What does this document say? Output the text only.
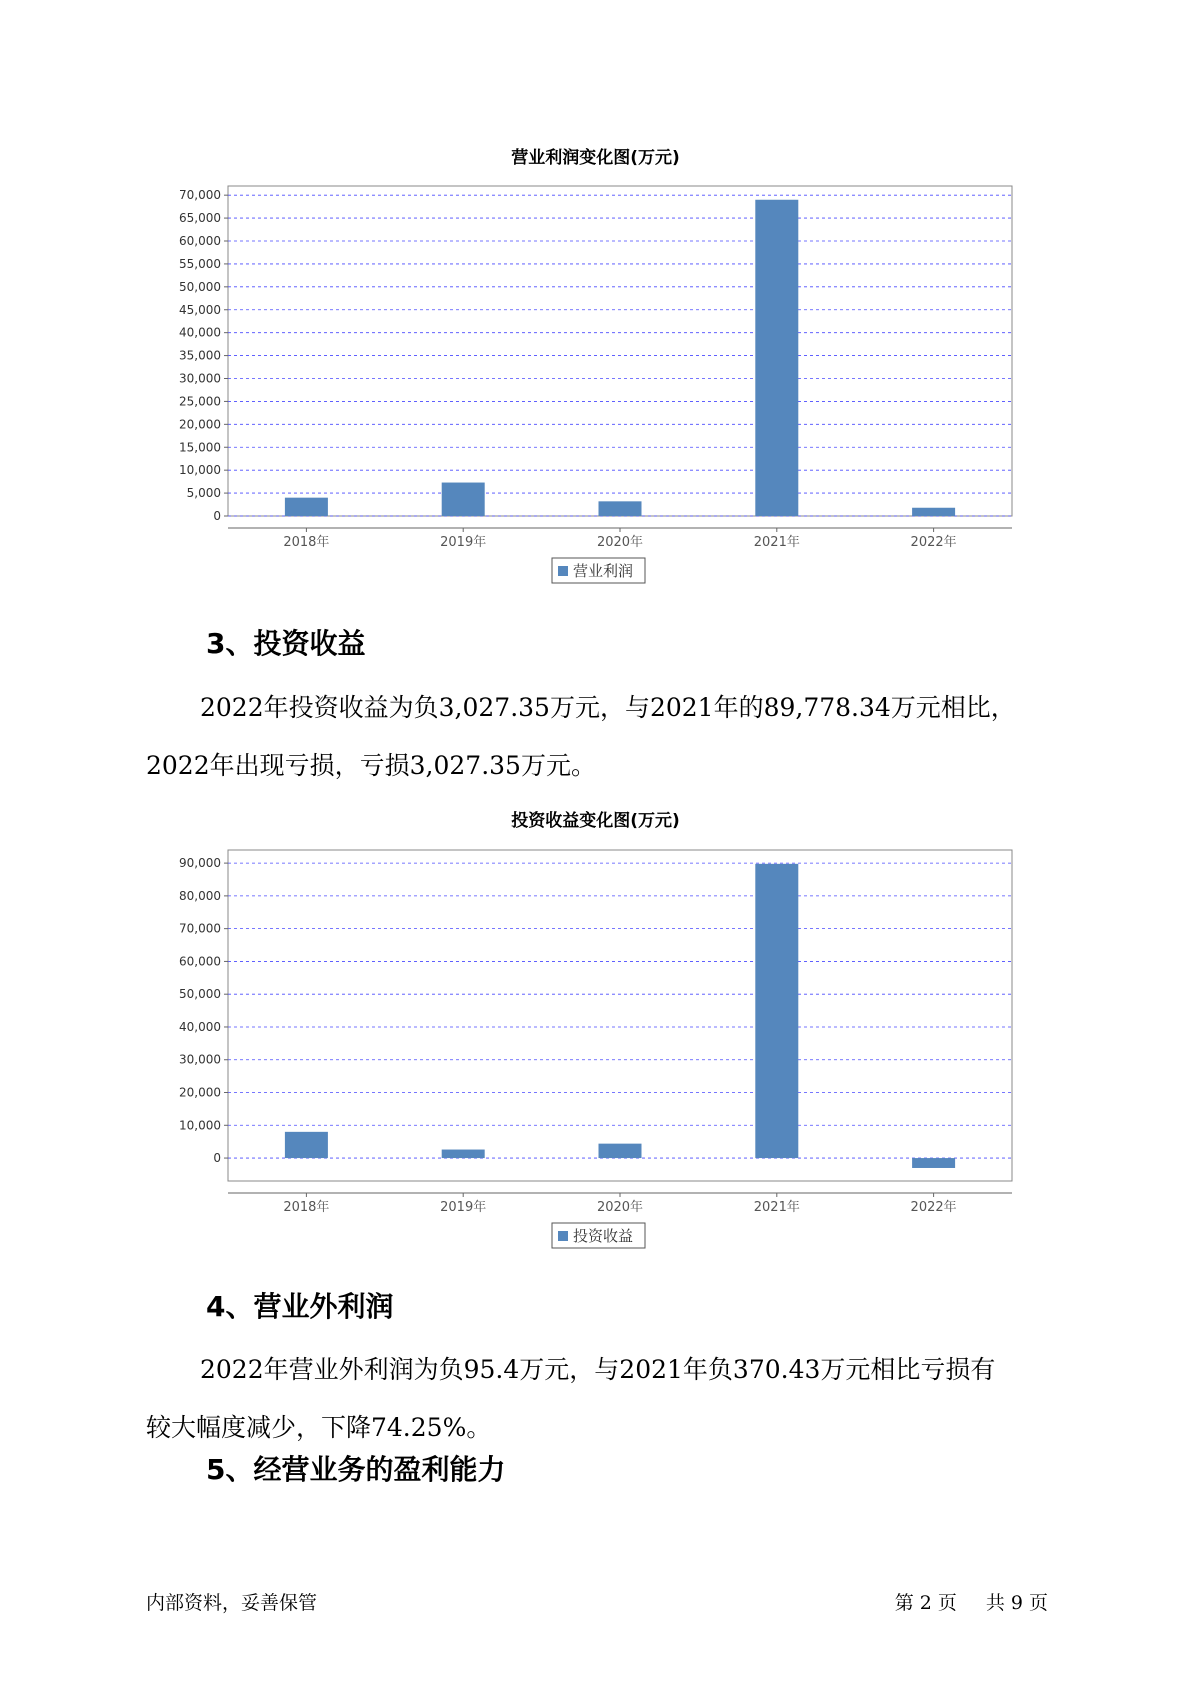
营业利润变化图(万元)
0
5,000
10,000
15,000
20,000
25,000
30,000
35,000
40,000
45,000
50,000
55,000
60,000
65,000
70,000
2018年	2019年	2020年	2021年	2022年
营业利润
3、投资收益

2022年投资收益为负3,027.35万元，与2021年的89,778.34万元相比，
2022年出现亏损，亏损3,027.35万元。

投资收益变化图(万元)
0
10,000
20,000
30,000
40,000
50,000
60,000
70,000
80,000
90,000
2018年	2019年	2020年	2021年	2022年
投资收益
4、营业外利润

2022年营业外利润为负95.4万元，与2021年负370.43万元相比亏损有
较大幅度减少，下降74.25%。

5、经营业务的盈利能力
内部资料，妥善保管	第 2 页 共 9 页
